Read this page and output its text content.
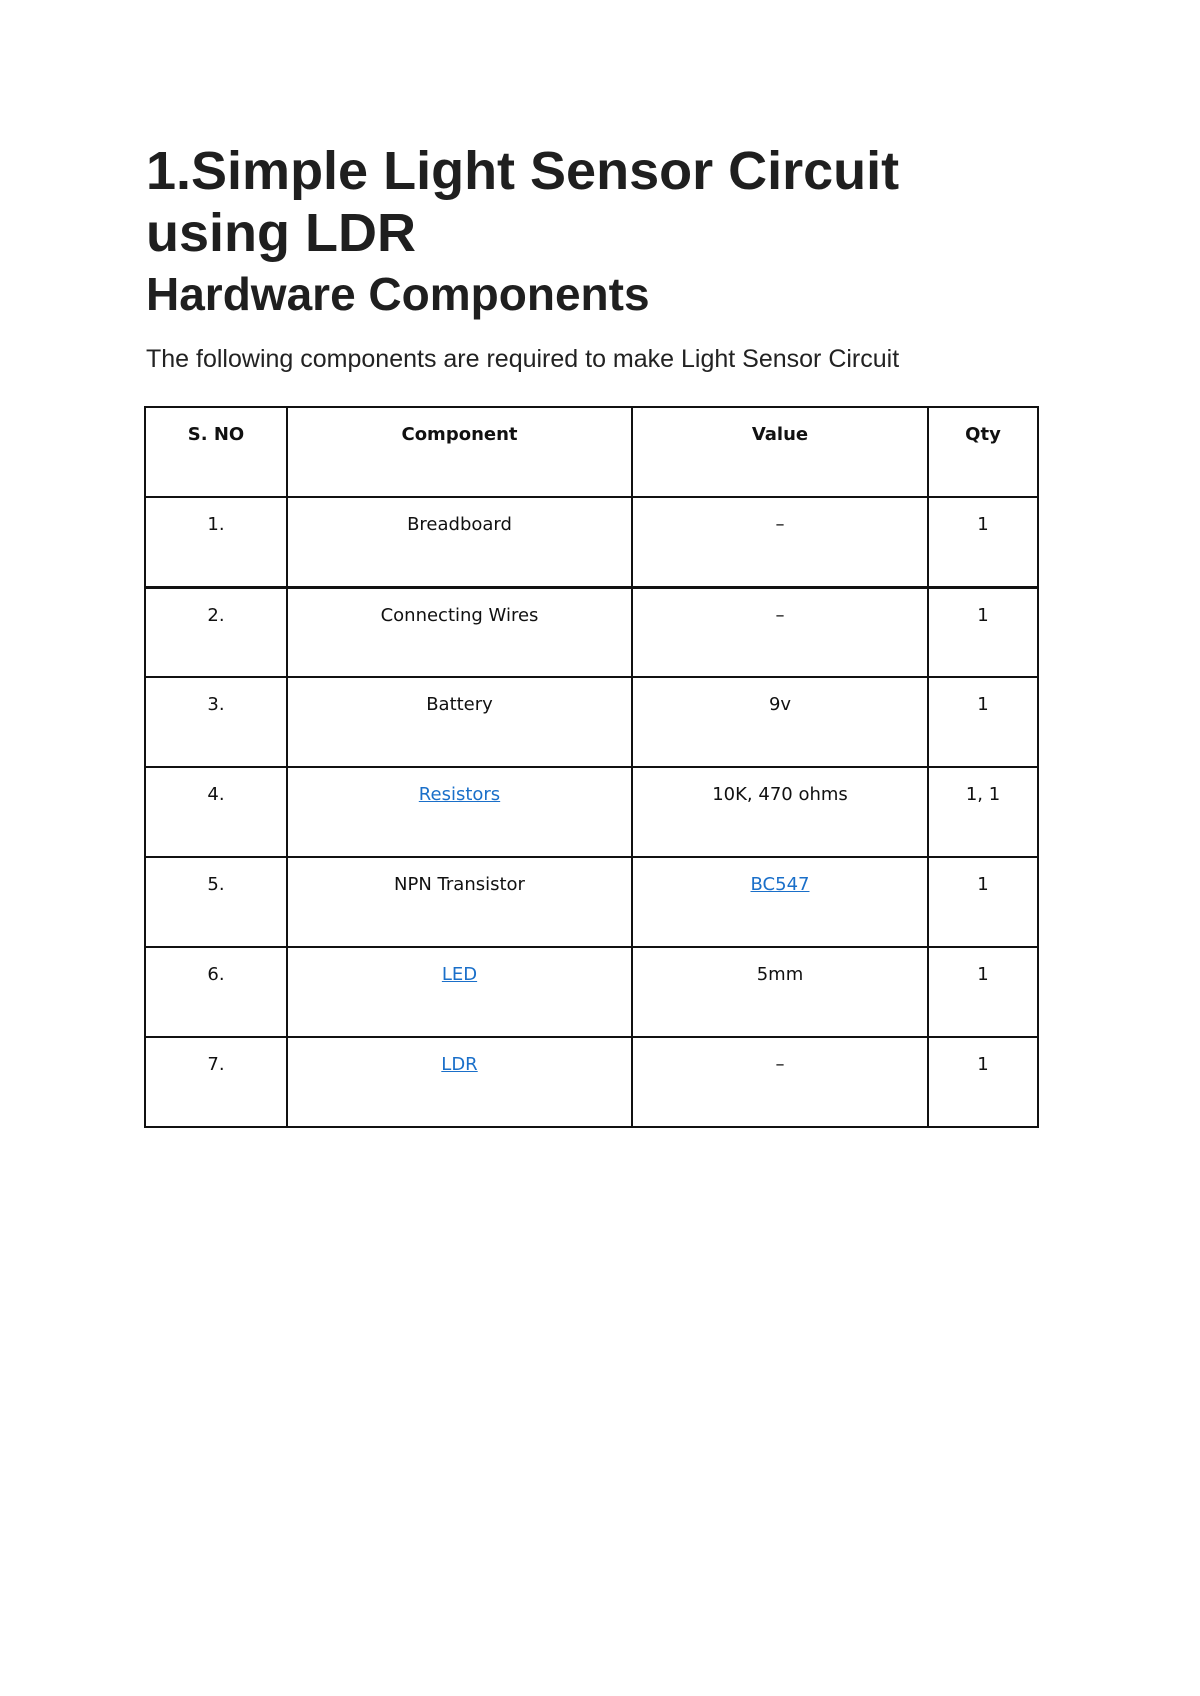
1.Simple Light Sensor Circuit using LDR
Hardware Components

The following components are required to make Light Sensor Circuit

S. NO	Component	Value	Qty
1.	Breadboard	–	1
2.	Connecting Wires	–	1
3.	Battery	9v	1
4.	Resistors	10K, 470 ohms	1, 1
5.	NPN Transistor	BC547	1
6.	LED	5mm	1
7.	LDR	–	1
